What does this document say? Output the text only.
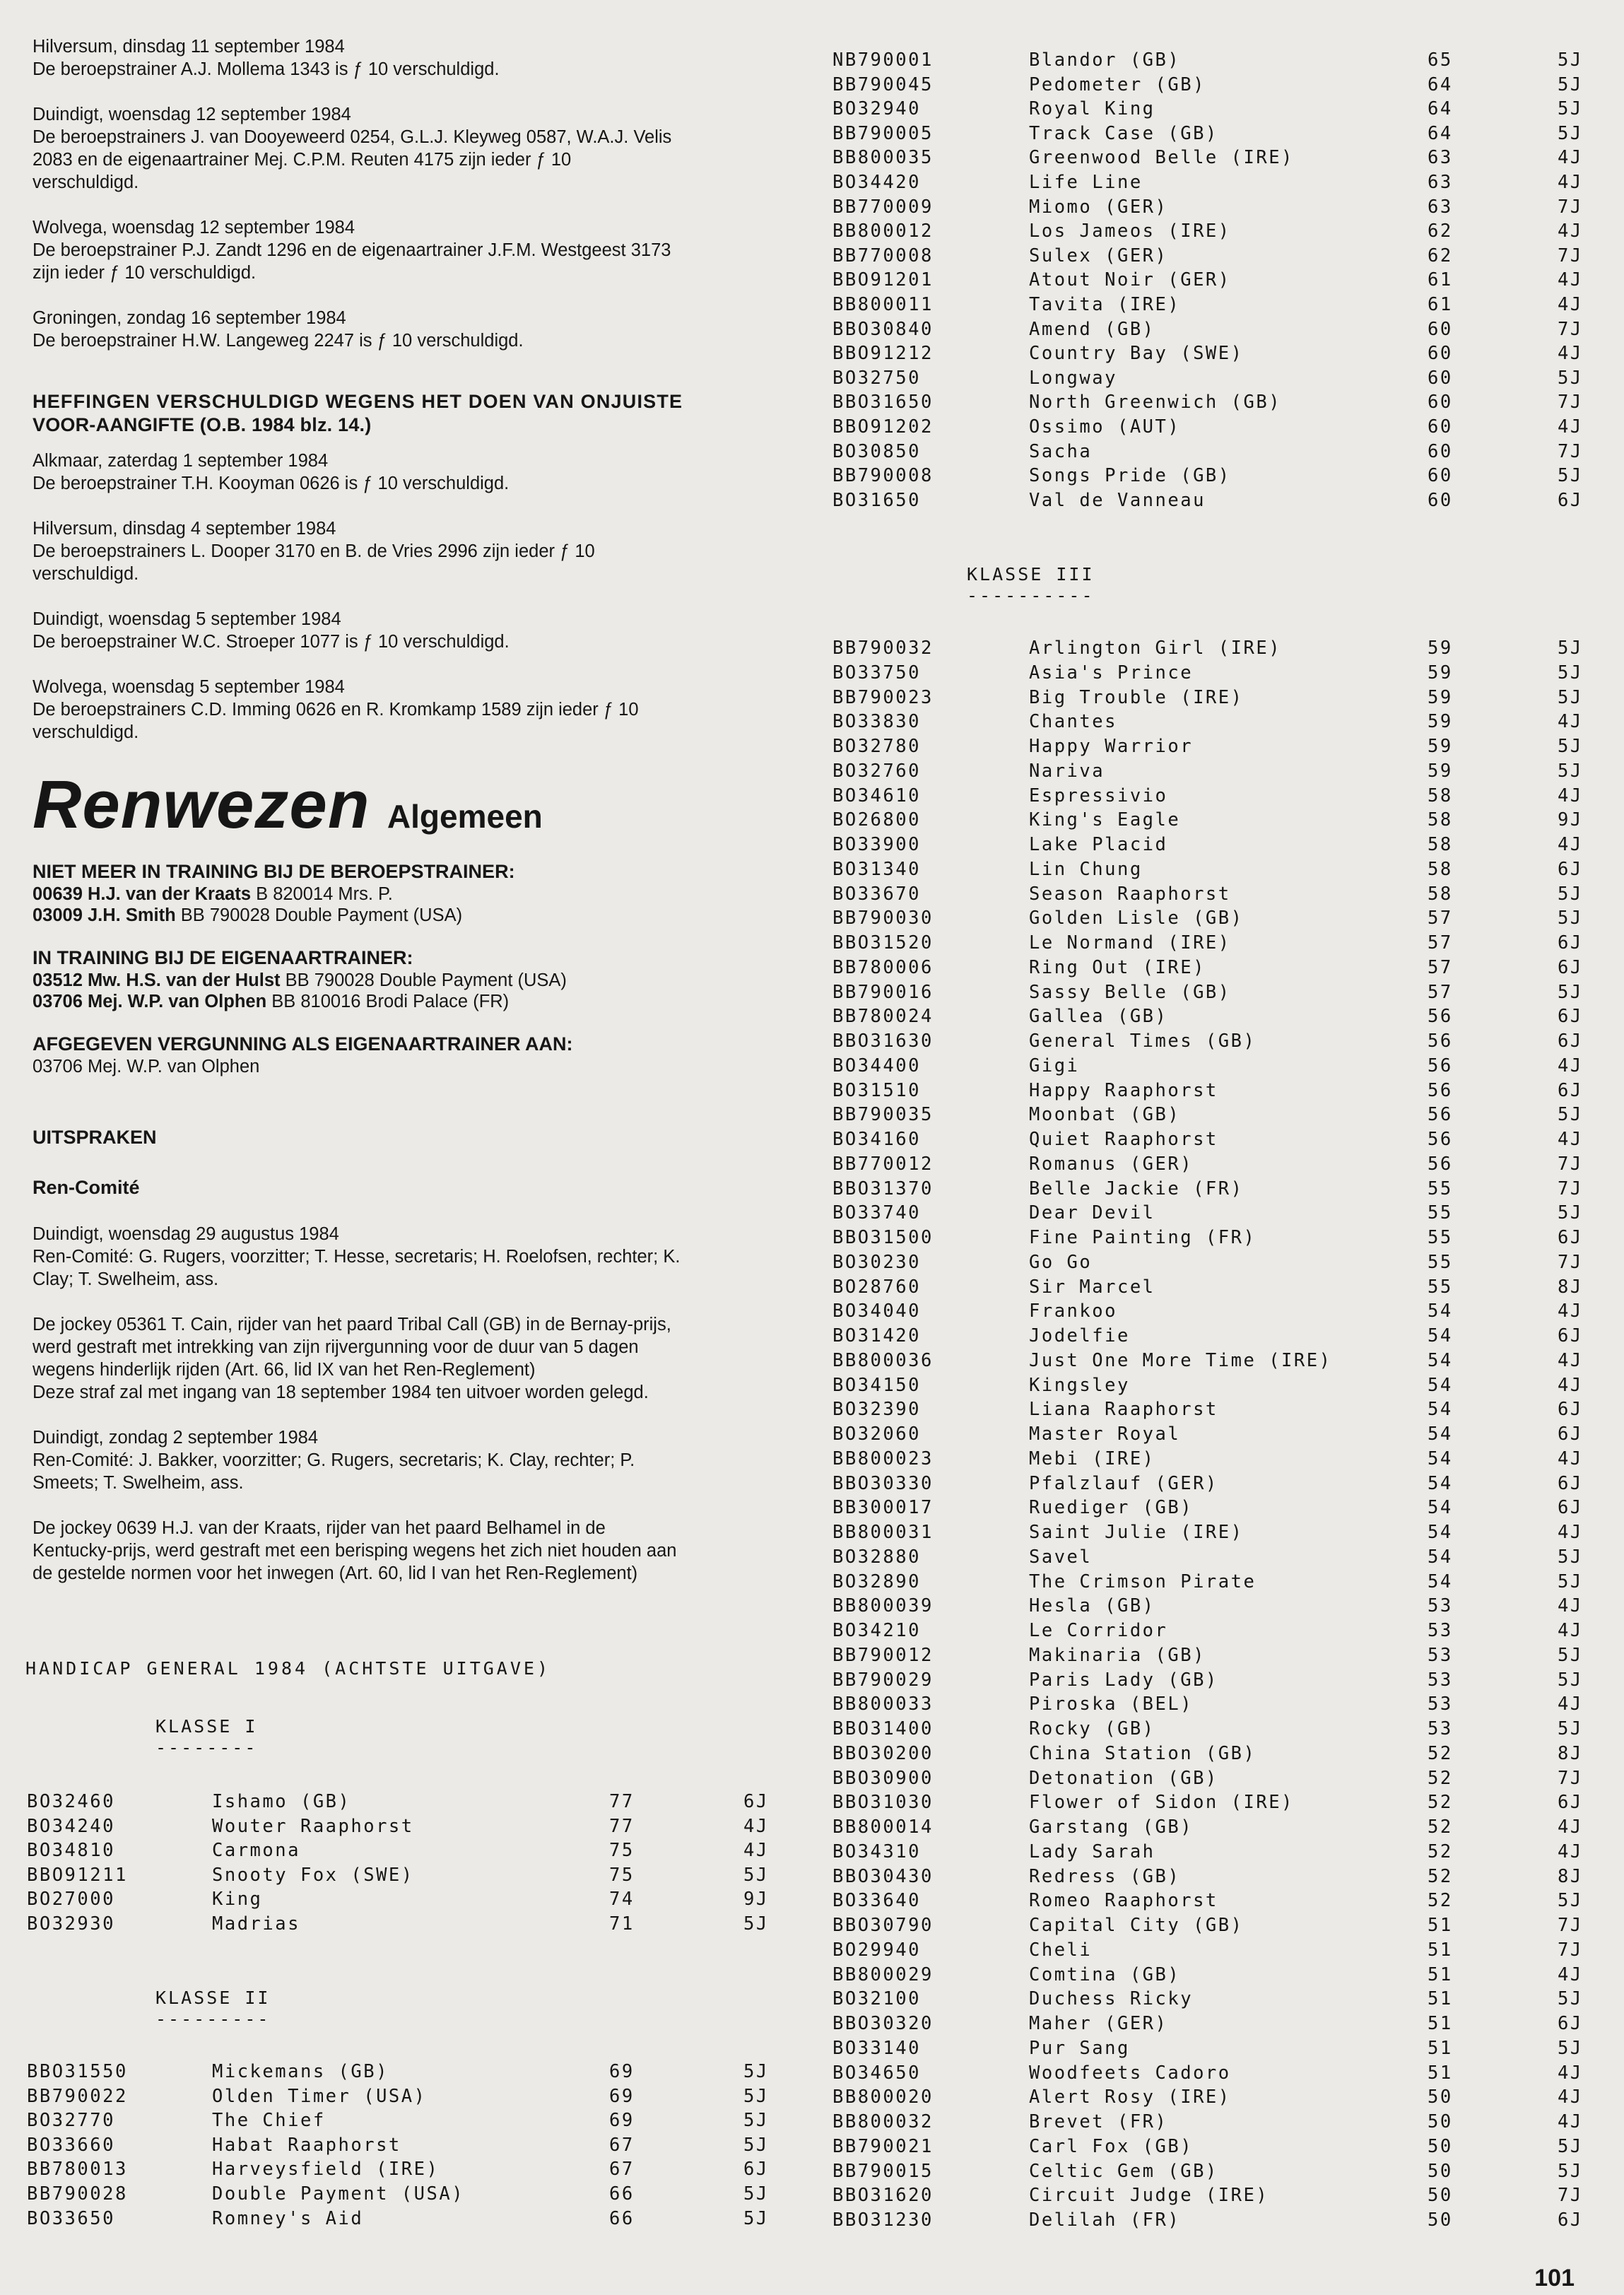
Hilversum, dinsdag 11 september 1984
De beroepstrainer A.J. Mollema 1343 is ƒ 10 verschuldigd.
Duindigt, woensdag 12 september 1984
De beroepstrainers J. van Dooyeweerd 0254, G.L.J. Kleyweg 0587, W.A.J. Velis
2083 en de eigenaartrainer Mej. C.P.M. Reuten 4175 zijn ieder ƒ 10
verschuldigd.
Wolvega, woensdag 12 september 1984
De beroepstrainer P.J. Zandt 1296 en de eigenaartrainer J.F.M. Westgeest 3173
zijn ieder ƒ 10 verschuldigd.
Groningen, zondag 16 september 1984
De beroepstrainer H.W. Langeweg 2247 is ƒ 10 verschuldigd.
HEFFINGEN VERSCHULDIGD WEGENS HET DOEN VAN ONJUISTE
VOOR-AANGIFTE (O.B. 1984 blz. 14.)
Alkmaar, zaterdag 1 september 1984
De beroepstrainer T.H. Kooyman 0626 is ƒ 10 verschuldigd.
Hilversum, dinsdag 4 september 1984
De beroepstrainers L. Dooper 3170 en B. de Vries 2996 zijn ieder ƒ 10
verschuldigd.
Duindigt, woensdag 5 september 1984
De beroepstrainer W.C. Stroeper 1077 is ƒ 10 verschuldigd.
Wolvega, woensdag 5 september 1984
De beroepstrainers C.D. Imming 0626 en R. Kromkamp 1589 zijn ieder ƒ 10
verschuldigd.
Renwezen Algemeen
NIET MEER IN TRAINING BIJ DE BEROEPSTRAINER:
00639 H.J. van der Kraats B 820014 Mrs. P.
03009 J.H. Smith BB 790028 Double Payment (USA)
IN TRAINING BIJ DE EIGENAARTRAINER:
03512 Mw. H.S. van der Hulst BB 790028 Double Payment (USA)
03706 Mej. W.P. van Olphen BB 810016 Brodi Palace (FR)
AFGEGEVEN VERGUNNING ALS EIGENAARTRAINER AAN:
03706 Mej. W.P. van Olphen
UITSPRAKEN
Ren-Comité
Duindigt, woensdag 29 augustus 1984
Ren-Comité: G. Rugers, voorzitter; T. Hesse, secretaris; H. Roelofsen, rechter; K.
Clay; T. Swelheim, ass.
De jockey 05361 T. Cain, rijder van het paard Tribal Call (GB) in de Bernay-prijs,
werd gestraft met intrekking van zijn rijvergunning voor de duur van 5 dagen
wegens hinderlijk rijden (Art. 66, lid IX van het Ren-Reglement)
Deze straf zal met ingang van 18 september 1984 ten uitvoer worden gelegd.
Duindigt, zondag 2 september 1984
Ren-Comité: J. Bakker, voorzitter; G. Rugers, secretaris; K. Clay, rechter; P.
Smeets; T. Swelheim, ass.
De jockey 0639 H.J. van der Kraats, rijder van het paard Belhamel in de
Kentucky-prijs, werd gestraft met een berisping wegens het zich niet houden aan
de gestelde normen voor het inwegen (Art. 60, lid I van het Ren-Reglement)
HANDICAP GENERAL 1984 (ACHTSTE UITGAVE)
KLASSE I
--------
BO32460	Ishamo (GB)	77	6J
BO34240	Wouter Raaphorst	77	4J
BO34810	Carmona	75	4J
BBO91211	Snooty Fox (SWE)	75	5J
BO27000	King	74	9J
BO32930	Madrias	71	5J
KLASSE II
---------
BBO31550	Mickemans (GB)	69	5J
BB790022	Olden Timer (USA)	69	5J
BO32770	The Chief	69	5J
BO33660	Habat Raaphorst	67	5J
BB780013	Harveysfield (IRE)	67	6J
BB790028	Double Payment (USA)	66	5J
BO33650	Romney's Aid	66	5J
NB790001	Blandor (GB)	65	5J
BB790045	Pedometer (GB)	64	5J
BO32940	Royal King	64	5J
BB790005	Track Case (GB)	64	5J
BB800035	Greenwood Belle (IRE)	63	4J
BO34420	Life Line	63	4J
BB770009	Miomo (GER)	63	7J
BB800012	Los Jameos (IRE)	62	4J
BB770008	Sulex (GER)	62	7J
BBO91201	Atout Noir (GER)	61	4J
BB800011	Tavita (IRE)	61	4J
BBO30840	Amend (GB)	60	7J
BBO91212	Country Bay (SWE)	60	4J
BO32750	Longway	60	5J
BBO31650	North Greenwich (GB)	60	7J
BBO91202	Ossimo (AUT)	60	4J
BO30850	Sacha	60	7J
BB790008	Songs Pride (GB)	60	5J
BO31650	Val de Vanneau	60	6J
KLASSE III
----------
BB790032	Arlington Girl (IRE)	59	5J
BO33750	Asia's Prince	59	5J
BB790023	Big Trouble (IRE)	59	5J
BO33830	Chantes	59	4J
BO32780	Happy Warrior	59	5J
BO32760	Nariva	59	5J
BO34610	Espressivio	58	4J
BO26800	King's Eagle	58	9J
BO33900	Lake Placid	58	4J
BO31340	Lin Chung	58	6J
BO33670	Season Raaphorst	58	5J
BB790030	Golden Lisle (GB)	57	5J
BBO31520	Le Normand (IRE)	57	6J
BB780006	Ring Out (IRE)	57	6J
BB790016	Sassy Belle (GB)	57	5J
BB780024	Gallea (GB)	56	6J
BBO31630	General Times (GB)	56	6J
BO34400	Gigi	56	4J
BO31510	Happy Raaphorst	56	6J
BB790035	Moonbat (GB)	56	5J
BO34160	Quiet Raaphorst	56	4J
BB770012	Romanus (GER)	56	7J
BBO31370	Belle Jackie (FR)	55	7J
BO33740	Dear Devil	55	5J
BBO31500	Fine Painting (FR)	55	6J
BO30230	Go Go	55	7J
BO28760	Sir Marcel	55	8J
BO34040	Frankoo	54	4J
BO31420	Jodelfie	54	6J
BB800036	Just One More Time (IRE)	54	4J
BO34150	Kingsley	54	4J
BO32390	Liana Raaphorst	54	6J
BO32060	Master Royal	54	6J
BB800023	Mebi (IRE)	54	4J
BBO30330	Pfalzlauf (GER)	54	6J
BB300017	Ruediger (GB)	54	6J
BB800031	Saint Julie (IRE)	54	4J
BO32880	Savel	54	5J
BO32890	The Crimson Pirate	54	5J
BB800039	Hesla (GB)	53	4J
BO34210	Le Corridor	53	4J
BB790012	Makinaria (GB)	53	5J
BB790029	Paris Lady (GB)	53	5J
BB800033	Piroska (BEL)	53	4J
BBO31400	Rocky (GB)	53	5J
BBO30200	China Station (GB)	52	8J
BBO30900	Detonation (GB)	52	7J
BBO31030	Flower of Sidon (IRE)	52	6J
BB800014	Garstang (GB)	52	4J
BO34310	Lady Sarah	52	4J
BBO30430	Redress (GB)	52	8J
BO33640	Romeo Raaphorst	52	5J
BBO30790	Capital City (GB)	51	7J
BO29940	Cheli	51	7J
BB800029	Comtina (GB)	51	4J
BO32100	Duchess Ricky	51	5J
BBO30320	Maher (GER)	51	6J
BO33140	Pur Sang	51	5J
BO34650	Woodfeets Cadoro	51	4J
BB800020	Alert Rosy (IRE)	50	4J
BB800032	Brevet (FR)	50	4J
BB790021	Carl Fox (GB)	50	5J
BB790015	Celtic Gem (GB)	50	5J
BBO31620	Circuit Judge (IRE)	50	7J
BBO31230	Delilah (FR)	50	6J
101
